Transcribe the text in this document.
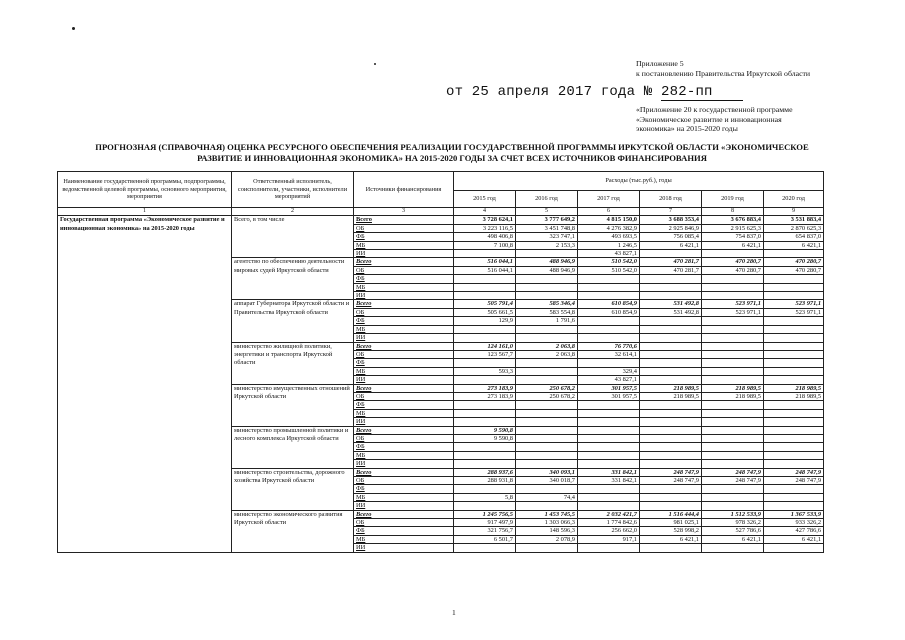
Приложение 5
к постановлению Правительства Иркутской области
от 25 апреля 2017 года № 282-пп
«Приложение 20 к государственной программе
«Экономическое развитие и инновационная
экономика» на 2015-2020 годы
ПРОГНОЗНАЯ (СПРАВОЧНАЯ) ОЦЕНКА РЕСУРСНОГО ОБЕСПЕЧЕНИЯ РЕАЛИЗАЦИИ ГОСУДАРСТВЕННОЙ ПРОГРАММЫ ИРКУТСКОЙ ОБЛАСТИ «ЭКОНОМИЧЕСКОЕ
РАЗВИТИЕ И ИННОВАЦИОННАЯ ЭКОНОМИКА» НА 2015-2020 ГОДЫ ЗА СЧЕТ ВСЕХ ИСТОЧНИКОВ ФИНАНСИРОВАНИЯ
Наименование государственной программы, подпрограммы, ведомственной целевой программы, основного мероприятия, мероприятия	Ответственный исполнитель, соисполнители, участники, исполнители мероприятий	Источники финансирования	Расходы (тыс.руб.), годы					
			2015 год	2016 год	2017 год	2018 год	2019 год	2020 год
1	2	3	4	5	6	7	8	9
Государственная программа «Экономическое развитие и инновационная экономика» на 2015-2020 годы	Всего, в том числе	Всего	3 728 624,1	3 777 649,2	4 815 150,0	3 688 353,4	3 676 883,4	3 531 883,4
		ОБ	3 223 116,5	3 451 748,8	4 276 382,9	2 925 846,9	2 915 625,3	2 870 625,3
		ФБ	498 406,8	323 747,1	493 693,5	756 085,4	754 837,0	654 837,0
		МБ	7 100,8	2 153,3	1 246,5	6 421,1	6 421,1	6 421,1
		ИИ			43 827,1			
	агентство по обеспечению деятельности мировых судей Иркутской области	Всего	516 044,1	488 946,9	510 542,0	470 281,7	470 280,7	470 280,7
		ОБ	516 044,1	488 946,9	510 542,0	470 281,7	470 280,7	470 280,7
		ФБ						
		МБ						
		ИИ						
	аппарат Губернатора Иркутской области и Правительства Иркутской области	Всего	505 791,4	585 346,4	610 854,9	531 492,8	523 971,1	523 971,1
		ОБ	505 661,5	583 554,8	610 854,9	531 492,8	523 971,1	523 971,1
		ФБ	129,9	1 791,6				
		МБ						
		ИИ						
	министерство жилищной политики, энергетики и транспорта Иркутской области	Всего	124 161,0	2 063,8	76 770,6			
		ОБ	123 567,7	2 063,8	32 614,1			
		ФБ						
		МБ	593,3		329,4			
		ИИ			43 827,1			
	министерство имущественных отношений Иркутской области	Всего	273 183,9	250 678,2	301 957,5	218 989,5	218 989,5	218 989,5
		ОБ	273 183,9	250 678,2	301 957,5	218 989,5	218 989,5	218 989,5
		ФБ						
		МБ						
		ИИ						
	министерство промышленной политики и лесного комплекса Иркутской области	Всего	9 590,8					
		ОБ	9 590,8					
		ФБ						
		МБ						
		ИИ						
	министерство строительства, дорожного хозяйства Иркутской области	Всего	288 937,6	340 093,1	331 842,1	248 747,9	248 747,9	248 747,9
		ОБ	288 931,8	340 018,7	331 842,1	248 747,9	248 747,9	248 747,9
		ФБ						
		МБ	5,8	74,4				
		ИИ						
	министерство экономического развития Иркутской области	Всего	1 245 756,5	1 453 745,5	2 032 421,7	1 516 444,4	1 512 533,9	1 367 533,9
		ОБ	917 497,9	1 303 066,3	1 774 842,6	981 025,1	978 326,2	933 326,2
		ФБ	321 756,7	148 596,3	256 662,0	528 998,2	527 786,6	427 786,6
		МБ	6 501,7	2 078,9	917,1	6 421,1	6 421,1	6 421,1
		ИИ						
1
